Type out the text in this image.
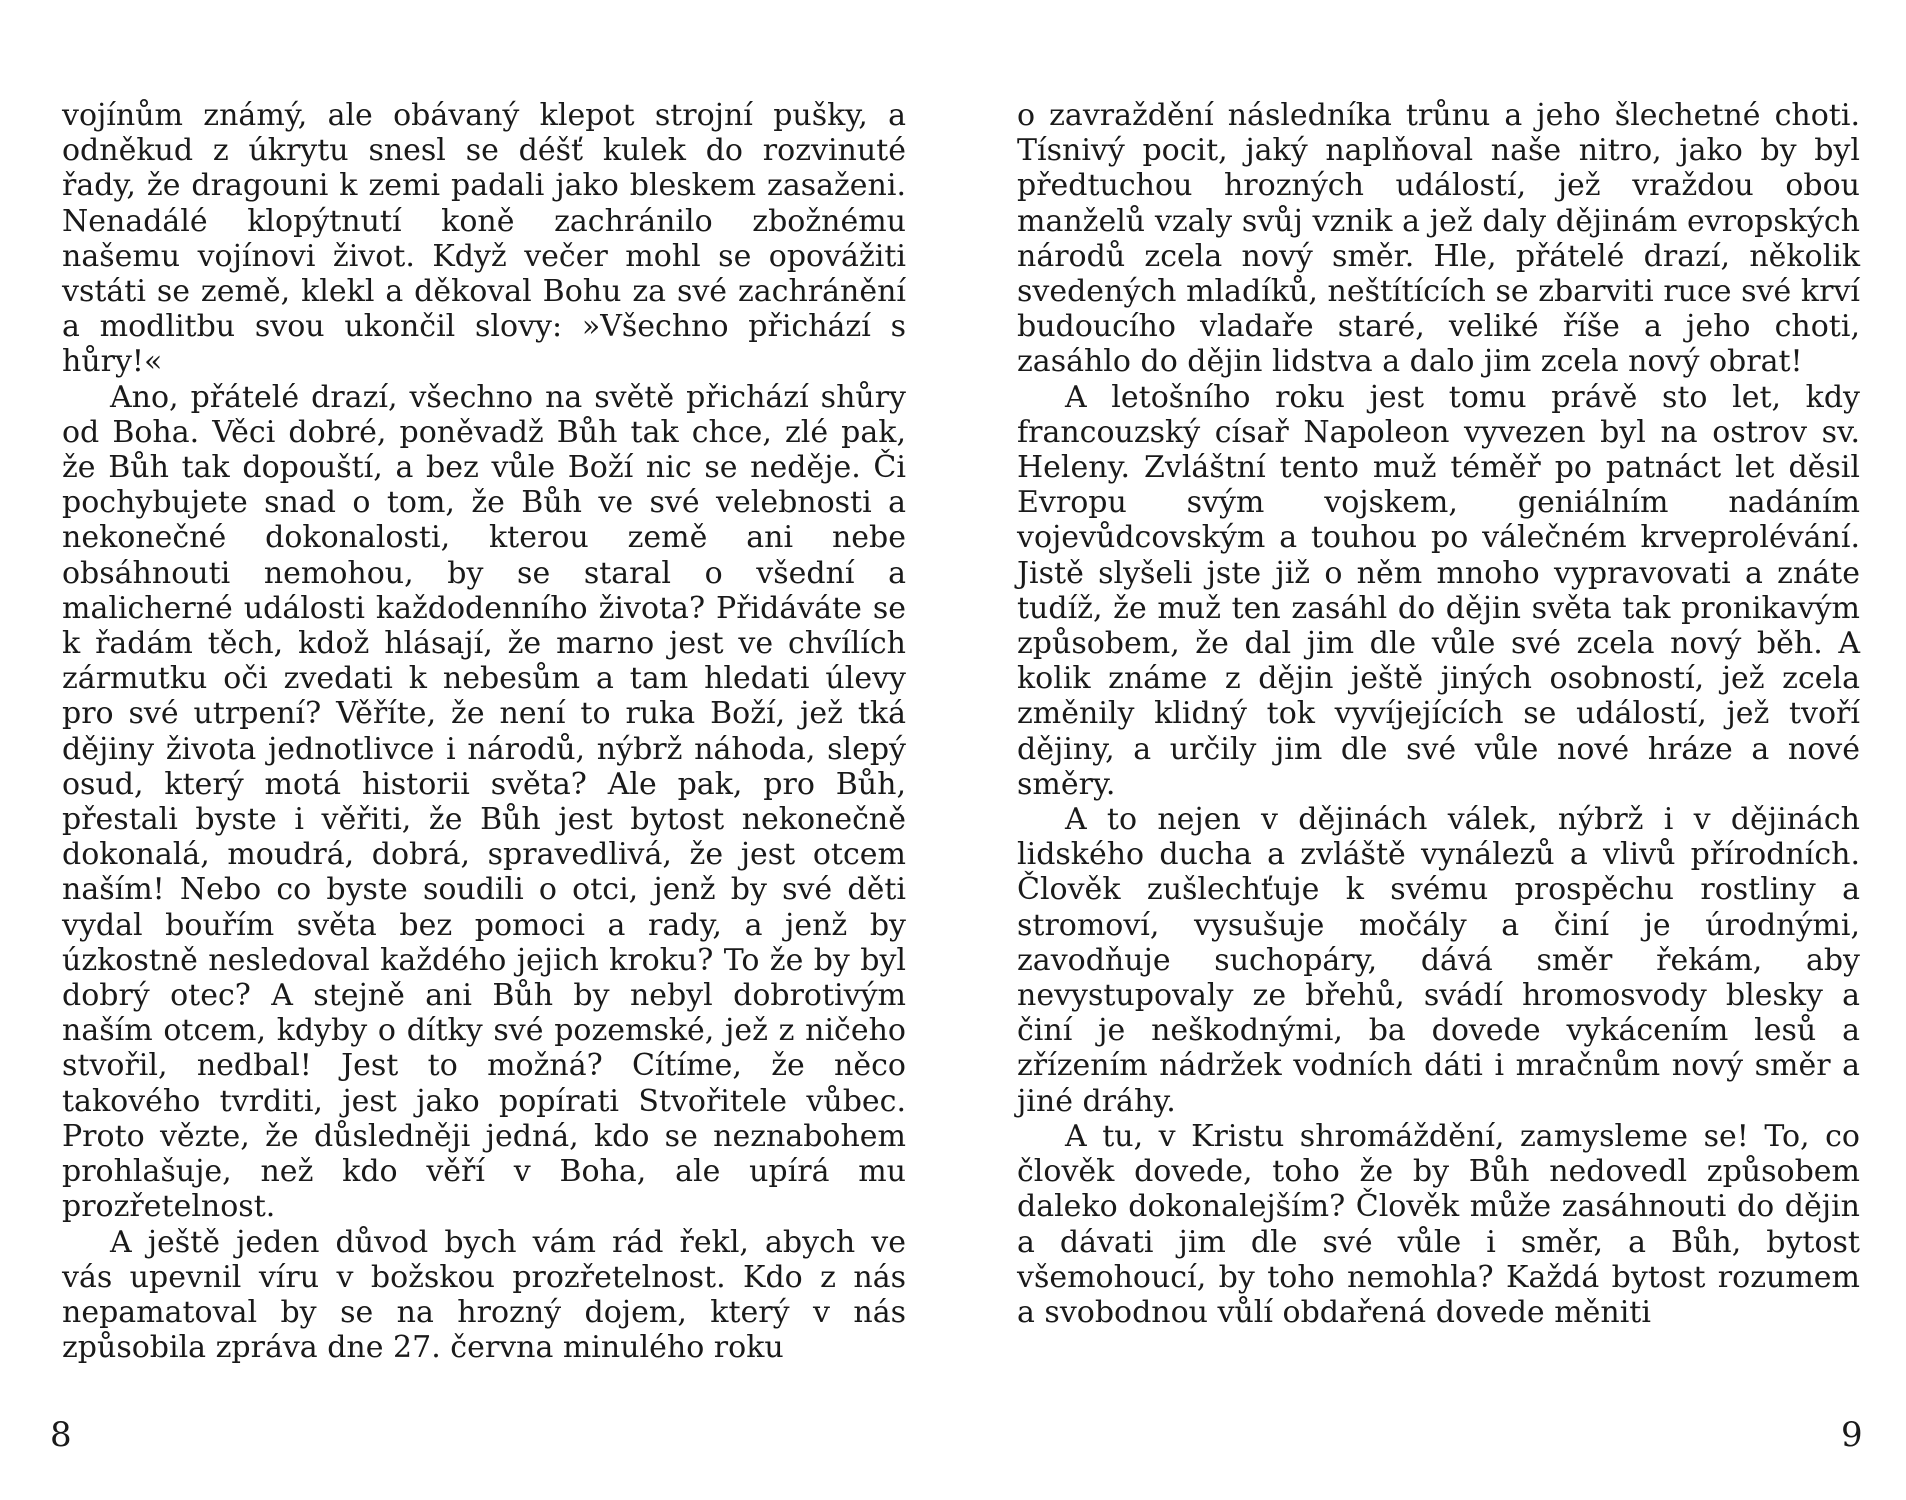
vojínům známý, ale obávaný klepot strojní pušky, a odněkud z úkrytu snesl se déšť kulek do rozvinuté řady, že dragouni k zemi padali jako bleskem zasaženi. Nenadálé klopýtnutí koně zachránilo zbožnému našemu vojínovi život. Když večer mohl se opovážiti vstáti se země, klekl a děkoval Bohu za své zachránění a modlitbu svou ukončil slovy: »Všechno přichází s hůry!«

Ano, přátelé drazí, všechno na světě přichází shůry od Boha. Věci dobré, poněvadž Bůh tak chce, zlé pak, že Bůh tak dopouští, a bez vůle Boží nic se neděje. Či pochybujete snad o tom, že Bůh ve své velebnosti a nekonečné dokonalosti, kterou země ani nebe obsáhnouti nemohou, by se staral o všední a malicherné události každodenního života? Přidáváte se k řadám těch, kdož hlásají, že marno jest ve chvílích zármutku oči zvedati k nebesům a tam hledati úlevy pro své utrpení? Věříte, že není to ruka Boží, jež tká dějiny života jednotlivce i národů, nýbrž náhoda, slepý osud, který motá historii světa? Ale pak, pro Bůh, přestali byste i věřiti, že Bůh jest bytost nekonečně dokonalá, moudrá, dobrá, spravedlivá, že jest otcem naším! Nebo co byste soudili o otci, jenž by své děti vydal bouřím světa bez pomoci a rady, a jenž by úzkostně nesledoval každého jejich kroku? To že by byl dobrý otec? A stejně ani Bůh by nebyl dobrotivým naším otcem, kdyby o dítky své pozemské, jež z ničeho stvořil, nedbal! Jest to možná? Cítíme, že něco takového tvrditi, jest jako popírati Stvořitele vůbec. Proto vězte, že důsledněji jedná, kdo se neznabohem prohlašuje, než kdo věří v Boha, ale upírá mu prozřetelnost.

A ještě jeden důvod bych vám rád řekl, abych ve vás upevnil víru v božskou prozřetelnost. Kdo z nás nepamatoval by se na hrozný dojem, který v nás způsobila zpráva dne 27. června minulého roku

8

o zavraždění následníka trůnu a jeho šlechetné choti. Tísnivý pocit, jaký naplňoval naše nitro, jako by byl předtuchou hrozných událostí, jež vraždou obou manželů vzaly svůj vznik a jež daly dějinám evropských národů zcela nový směr. Hle, přátelé drazí, několik svedených mladíků, neštítících se zbarviti ruce své krví budoucího vladaře staré, veliké říše a jeho choti, zasáhlo do dějin lidstva a dalo jim zcela nový obrat!

A letošního roku jest tomu právě sto let, kdy francouzský císař Napoleon vyvezen byl na ostrov sv. Heleny. Zvláštní tento muž téměř po patnáct let děsil Evropu svým vojskem, geniálním nadáním vojevůdcovským a touhou po válečném krveprolévání. Jistě slyšeli jste již o něm mnoho vypravovati a znáte tudíž, že muž ten zasáhl do dějin světa tak pronikavým způsobem, že dal jim dle vůle své zcela nový běh. A kolik známe z dějin ještě jiných osobností, jež zcela změnily klidný tok vyvíjejících se událostí, jež tvoří dějiny, a určily jim dle své vůle nové hráze a nové směry.

A to nejen v dějinách válek, nýbrž i v dějinách lidského ducha a zvláště vynálezů a vlivů přírodních. Člověk zušlechťuje k svému prospěchu rostliny a stromoví, vysušuje močály a činí je úrodnými, zavodňuje suchopáry, dává směr řekám, aby nevystupovaly ze břehů, svádí hromosvody blesky a činí je neškodnými, ba dovede vykácením lesů a zřízením nádržek vodních dáti i mračnům nový směr a jiné dráhy.

A tu, v Kristu shromáždění, zamysleme se! To, co člověk dovede, toho že by Bůh nedovedl způsobem daleko dokonalejším? Člověk může zasáhnouti do dějin a dávati jim dle své vůle i směr, a Bůh, bytost všemohoucí, by toho nemohla? Každá bytost rozumem a svobodnou vůlí obdařená dovede měniti

9
